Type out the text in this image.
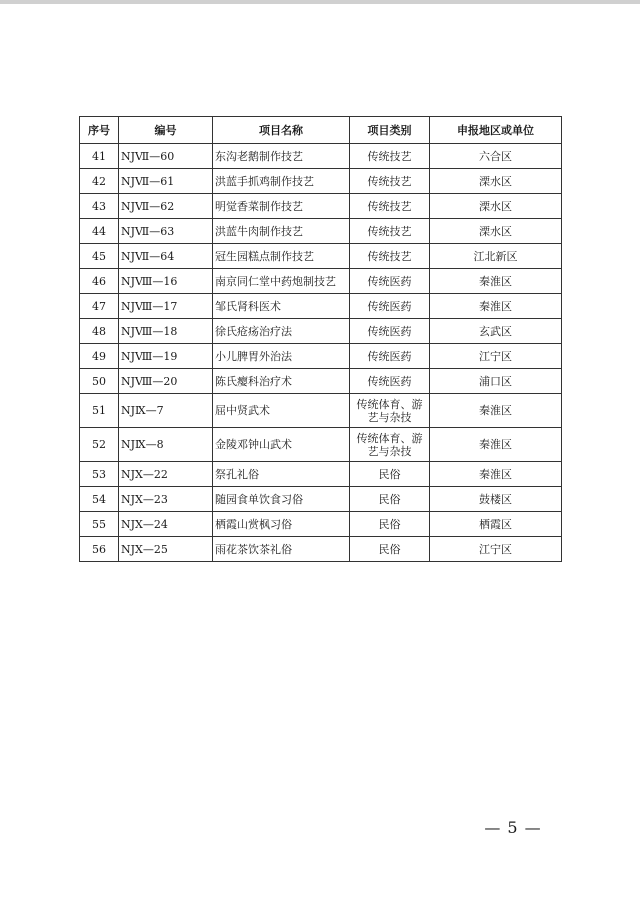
序号	编号	项目名称	项目类别	申报地区或单位
41	NJⅦ—60	东沟老鹅制作技艺	传统技艺	六合区
42	NJⅦ—61	洪蓝手抓鸡制作技艺	传统技艺	溧水区
43	NJⅦ—62	明觉香菜制作技艺	传统技艺	溧水区
44	NJⅦ—63	洪蓝牛肉制作技艺	传统技艺	溧水区
45	NJⅦ—64	冠生园糕点制作技艺	传统技艺	江北新区
46	NJⅧ—16	南京同仁堂中药炮制技艺	传统医药	秦淮区
47	NJⅧ—17	邹氏肾科医术	传统医药	秦淮区
48	NJⅧ—18	徐氏疮疡治疗法	传统医药	玄武区
49	NJⅧ—19	小儿脾胃外治法	传统医药	江宁区
50	NJⅧ—20	陈氏瘿科治疗术	传统医药	浦口区
51	NJⅨ—7	屈中贤武术	传统体育、游艺与杂技	秦淮区
52	NJⅨ—8	金陵邓钟山武术	传统体育、游艺与杂技	秦淮区
53	NJⅩ—22	祭孔礼俗	民俗	秦淮区
54	NJⅩ—23	随园食单饮食习俗	民俗	鼓楼区
55	NJⅩ—24	栖霞山赏枫习俗	民俗	栖霞区
56	NJⅩ—25	雨花茶饮茶礼俗	民俗	江宁区
— 5 —
